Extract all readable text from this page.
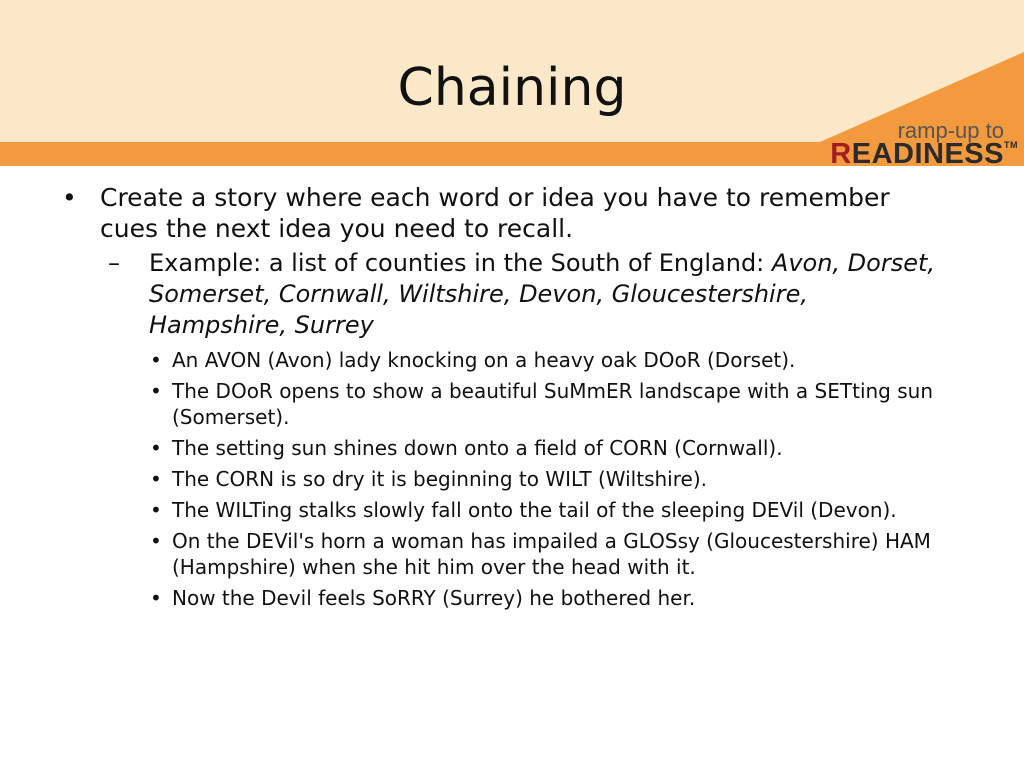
Chaining
ramp-up to
READINESS™
• Create a story where each word or idea you have to remember cues the next idea you need to recall.
– Example: a list of counties in the South of England: Avon, Dorset, Somerset, Cornwall, Wiltshire, Devon, Gloucestershire, Hampshire, Surrey
• An AVON (Avon) lady knocking on a heavy oak DOoR (Dorset).
• The DOoR opens to show a beautiful SuMmER landscape with a SETting sun (Somerset).
• The setting sun shines down onto a field of CORN (Cornwall).
• The CORN is so dry it is beginning to WILT (Wiltshire).
• The WILTing stalks slowly fall onto the tail of the sleeping DEVil (Devon).
• On the DEVil's horn a woman has impailed a GLOSsy (Gloucestershire) HAM (Hampshire) when she hit him over the head with it.
• Now the Devil feels SoRRY (Surrey) he bothered her.
